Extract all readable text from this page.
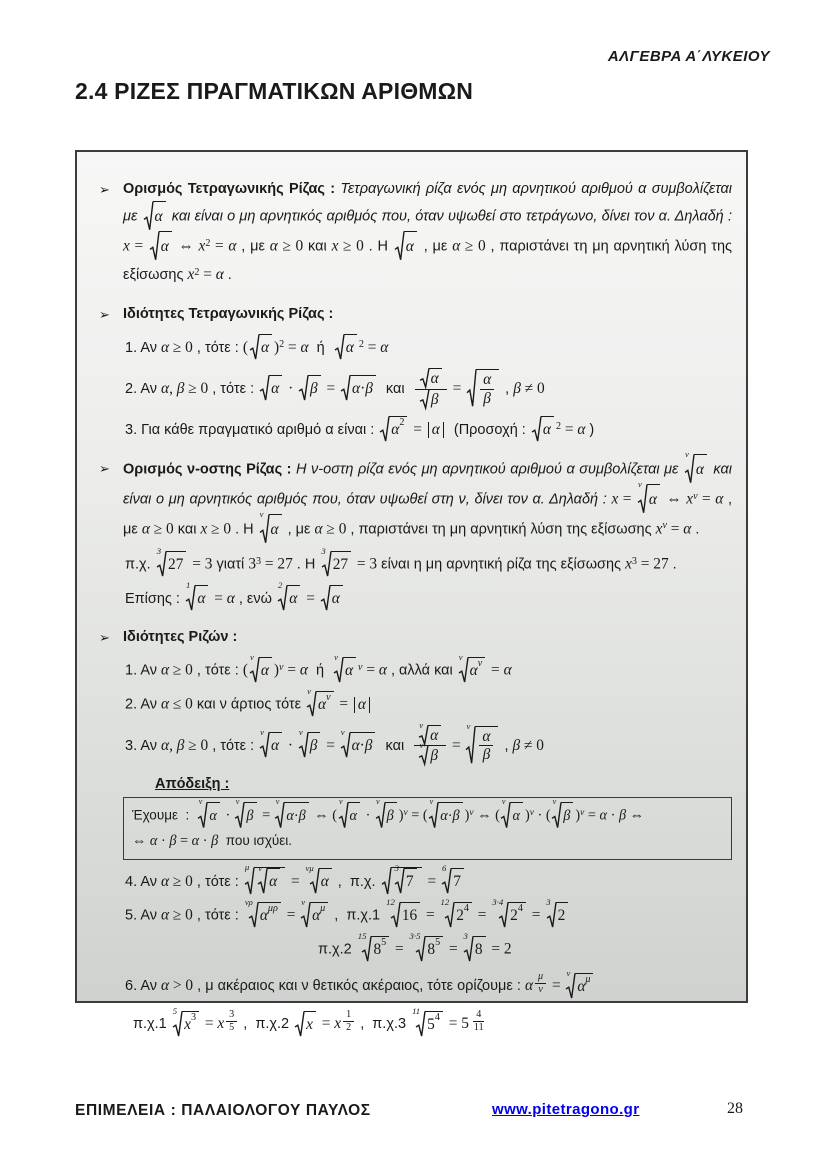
ΑΛΓΕΒΡΑ Α΄ΛΥΚΕΙΟΥ
2.4 ΡΙΖΕΣ ΠΡΑΓΜΑΤΙΚΩΝ ΑΡΙΘΜΩΝ
➢ Ορισμός Τετραγωνικής Ρίζας : Τετραγωνική ρίζα ενός μη αρνητικού αριθμού α συμβολίζεται με α και είναι ο μη αρνητικός αριθμός που, όταν υψωθεί στο τετράγωνο, δίνει τον α. Δηλαδή : x = α ⇔ x2 = α , με α ≥ 0 και x ≥ 0 . Η α , με α ≥ 0 , παριστάνει τη μη αρνητική λύση της εξίσωσης x2 = α .
➢ Ιδιότητες Τετραγωνικής Ρίζας :
1. Αν α ≥ 0 , τότε : ( α )2 = α  ή α 2 = α
2. Αν α, β ≥ 0 , τότε : α · β = α · β και $\frac{\alpha}{\beta} = \frac{\alpha}{\beta}$ , β ≠ 0
3. Για κάθε πραγματικό αριθμό α είναι : α 2 = α  (Προσοχή : α 2 = α )
➢ Ορισμός ν-οστης Ρίζας : Η ν-οστη ρίζα ενός μη αρνητικού αριθμού α συμβολίζεται με
ν
α και είναι ο μη αρνητικός αριθμός που, όταν υψωθεί στη ν, δίνει τον α. Δηλαδή : x =
ν
α ⇔ xν = α , με α ≥ 0 και x ≥ 0 . Η
ν
α , με α ≥ 0 , παριστάνει τη μη αρνητική λύση της εξίσωσης xν = α .
π.χ.
3
27 = 3 γιατί 33 = 27 . Η
3
27 = 3 είναι η μη αρνητική ρίζα της εξίσωσης x3 = 27 .
Επίσης :
1
α = α , ενώ
2
α = α
➢ Ιδιότητες Ριζών :
1. Αν α ≥ 0 , τότε : (
ν
α )ν = α  ή
ν
α ν = α , αλλά και
ν
α ν = α
2. Αν α ≤ 0 και ν άρτιος τότε
ν
α ν = α
3. Αν α, β ≥ 0 , τότε :
ν
α ·
ν
β =
ν
α · β και ν
α
ν
β =
ν
$\frac{\alpha}{\beta}$ , β ≠ 0
Απόδειξη :
Έχουμε  :
ν
α ·
ν
β =
ν
α · β ⇔ (
ν
α ·
ν
β )ν = (
ν
α · β )ν ⇔ (
ν
α )ν · (
ν
β )ν = α · β ⇔
⇔ α · β = α · β  που ισχύει.
4. Αν α ≥ 0 , τότε :
μ ν
α =
νμ
α ,  π.χ.
3
7 =
6
7
5. Αν α ≥ 0 , τότε :
νρ
α μρ =
ν
α μ ,  π.χ.1
12
16 =
12
2 4 =
3·4
2 4 =
3
2
π.χ.2
15
8 5 =
3·5
8 5 =
3
8 = 2
6. Αν α > 0 , μ ακέραιος και ν θετικός ακέραιος, τότε ορίζουμε : α $\frac{\mu}{\nu}$ =
ν
α μ
π.χ.1
5
x 3 = x $\frac{3}{5}$ ,  π.χ.2 x = x $\frac{1}{2}$ ,  π.χ.3
11
5 $4 = 5 \frac{4}{11}$
ΕΠΙΜΕΛΕΙΑ : ΠΑΛΑΙΟΛΟΓΟΥ ΠΑΥΛΟΣ	www.pitetragono.gr	28
